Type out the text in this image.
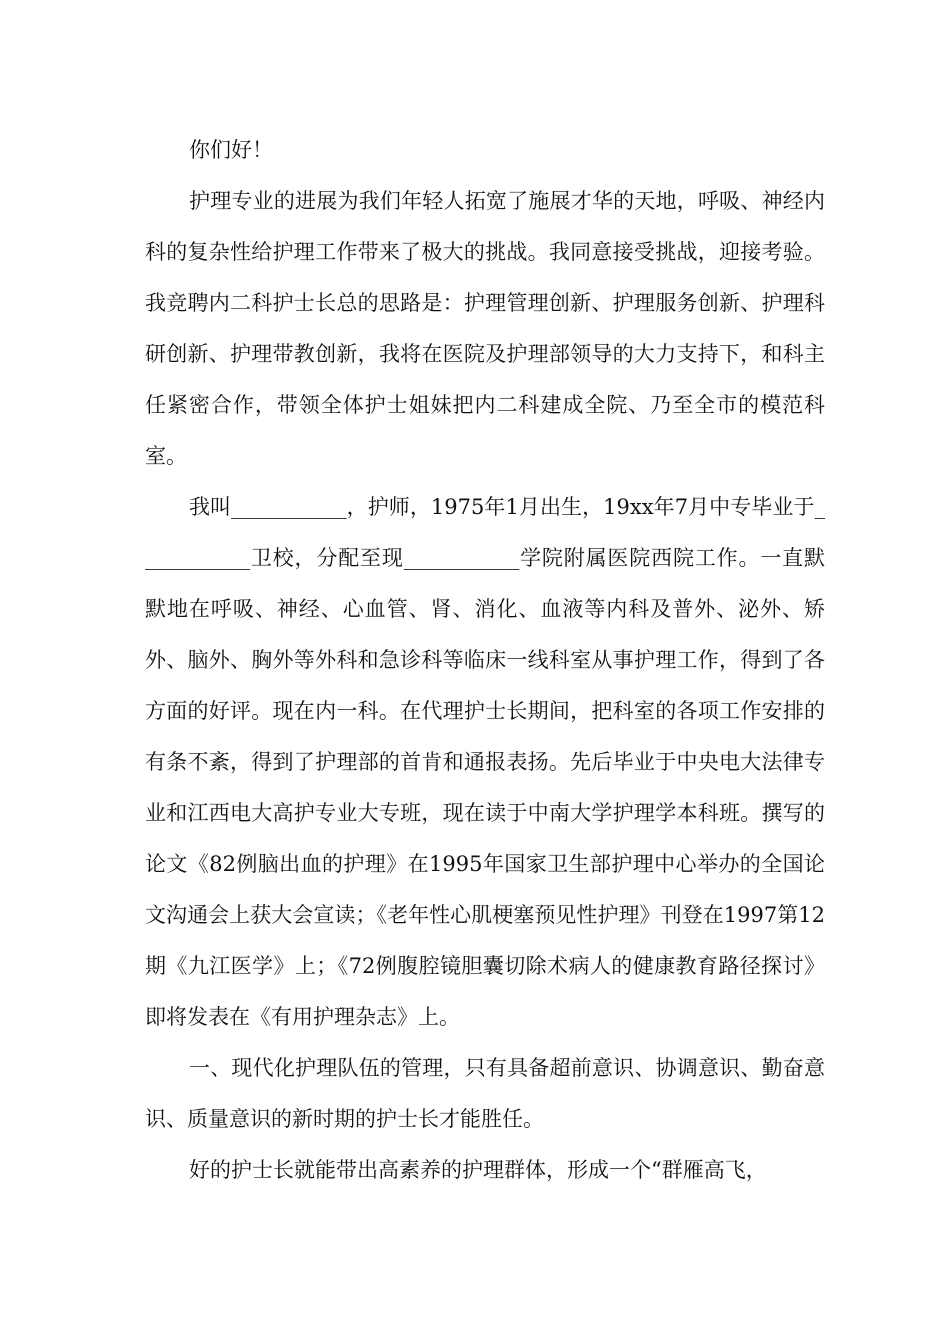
你们好！

护理专业的进展为我们年轻人拓宽了施展才华的天地，呼吸、神经内科的复杂性给护理工作带来了极大的挑战。我同意接受挑战，迎接考验。我竞聘内二科护士长总的思路是：护理管理创新、护理服务创新、护理科研创新、护理带教创新，我将在医院及护理部领导的大力支持下，和科主任紧密合作，带领全体护士姐妹把内二科建成全院、乃至全市的模范科室。

我叫___________，护师，1975年1月出生，19xx年7月中专毕业于___________卫校，分配至现___________学院附属医院西院工作。一直默默地在呼吸、神经、心血管、肾、消化、血液等内科及普外、泌外、矫外、脑外、胸外等外科和急诊科等临床一线科室从事护理工作，得到了各方面的好评。现在内一科。在代理护士长期间，把科室的各项工作安排的有条不紊，得到了护理部的首肯和通报表扬。先后毕业于中央电大法律专业和江西电大高护专业大专班，现在读于中南大学护理学本科班。撰写的论文《82例脑出血的护理》在1995年国家卫生部护理中心举办的全国论文沟通会上获大会宣读；《老年性心肌梗塞预见性护理》刊登在1997第12期《九江医学》上；《72例腹腔镜胆囊切除术病人的健康教育路径探讨》即将发表在《有用护理杂志》上。

一、现代化护理队伍的管理，只有具备超前意识、协调意识、勤奋意识、质量意识的新时期的护士长才能胜任。

好的护士长就能带出高素养的护理群体，形成一个“群雁高飞，
